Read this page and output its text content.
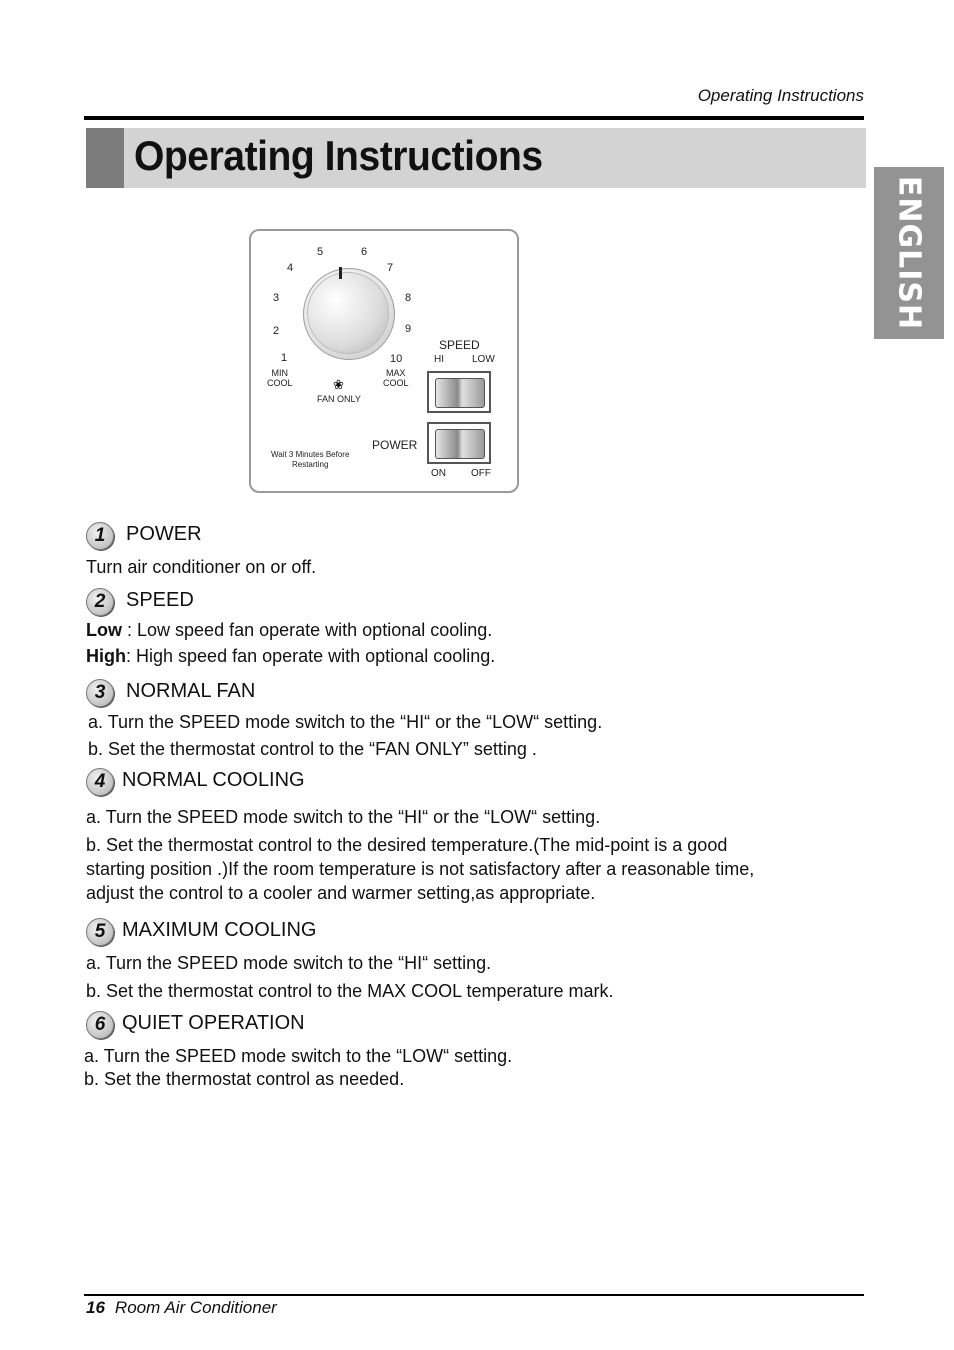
Operating Instructions
Operating Instructions
ENGLISH
1
2
3
4
5	6
7
8
9
10
MIN
COOL
MAX
COOL
❀
FAN ONLY
SPEED
HI	LOW
POWER
ON	OFF
Wait 3 Minutes Before
Restarting
1	POWER
Turn air conditioner on or off.
2	SPEED
Low : Low speed fan operate with optional cooling.
High: High speed fan operate with optional cooling.
3	NORMAL FAN
a. Turn the SPEED mode switch to the “HI“ or the “LOW“ setting.
b. Set the thermostat control to the “FAN ONLY” setting .
4 NORMAL COOLING
a. Turn the SPEED mode switch to the “HI“ or the “LOW“ setting.
b. Set the thermostat control to the desired temperature.(The mid-point is a good
starting position .)If the room temperature is not satisfactory after a reasonable time,
adjust the control to a cooler and warmer setting,as appropriate.
5 MAXIMUM COOLING
a. Turn the SPEED mode switch to the “HI“ setting.
b. Set the thermostat control to the MAX COOL temperature mark.
6 QUIET OPERATION
a. Turn the SPEED mode switch to the “LOW“ setting.
b. Set the thermostat control as needed.
16 Room Air Conditioner
